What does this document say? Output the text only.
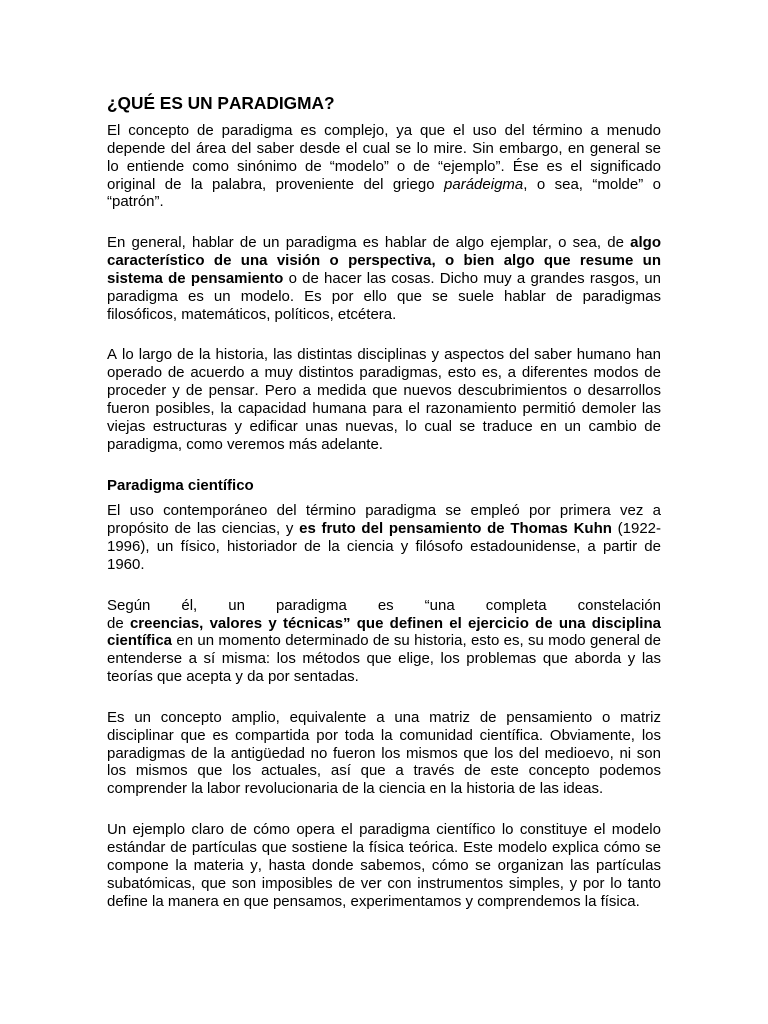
¿QUÉ ES UN PARADIGMA?
El concepto de paradigma es complejo, ya que el uso del término a menudo
depende del área del saber desde el cual se lo mire. Sin embargo, en general se
lo entiende como sinónimo de “modelo” o de “ejemplo”. Ése es el significado
original de la palabra, proveniente del griego parádeigma, o sea, “molde” o
“patrón”.
En general, hablar de un paradigma es hablar de algo ejemplar, o sea, de algo
característico de una visión o perspectiva, o bien algo que resume un
sistema de pensamiento o de hacer las cosas. Dicho muy a grandes rasgos, un
paradigma es un modelo. Es por ello que se suele hablar de paradigmas
filosóficos, matemáticos, políticos, etcétera.
A lo largo de la historia, las distintas disciplinas y aspectos del saber humano han
operado de acuerdo a muy distintos paradigmas, esto es, a diferentes modos de
proceder y de pensar. Pero a medida que nuevos descubrimientos o desarrollos
fueron posibles, la capacidad humana para el razonamiento permitió demoler las
viejas estructuras y edificar unas nuevas, lo cual se traduce en un cambio de
paradigma, como veremos más adelante.
Paradigma científico
El uso contemporáneo del término paradigma se empleó por primera vez a
propósito de las ciencias, y es fruto del pensamiento de Thomas Kuhn (1922-
1996), un físico, historiador de la ciencia y filósofo estadounidense, a partir de
1960.
Según él, un paradigma es “una completa constelación
de creencias, valores y técnicas” que definen el ejercicio de una disciplina
científica en un momento determinado de su historia, esto es, su modo general de
entenderse a sí misma: los métodos que elige, los problemas que aborda y las
teorías que acepta y da por sentadas.
Es un concepto amplio, equivalente a una matriz de pensamiento o matriz
disciplinar que es compartida por toda la comunidad científica. Obviamente, los
paradigmas de la antigüedad no fueron los mismos que los del medioevo, ni son
los mismos que los actuales, así que a través de este concepto podemos
comprender la labor revolucionaria de la ciencia en la historia de las ideas.
Un ejemplo claro de cómo opera el paradigma científico lo constituye el modelo
estándar de partículas que sostiene la física teórica. Este modelo explica cómo se
compone la materia y, hasta donde sabemos, cómo se organizan las partículas
subatómicas, que son imposibles de ver con instrumentos simples, y por lo tanto
define la manera en que pensamos, experimentamos y comprendemos la física.
